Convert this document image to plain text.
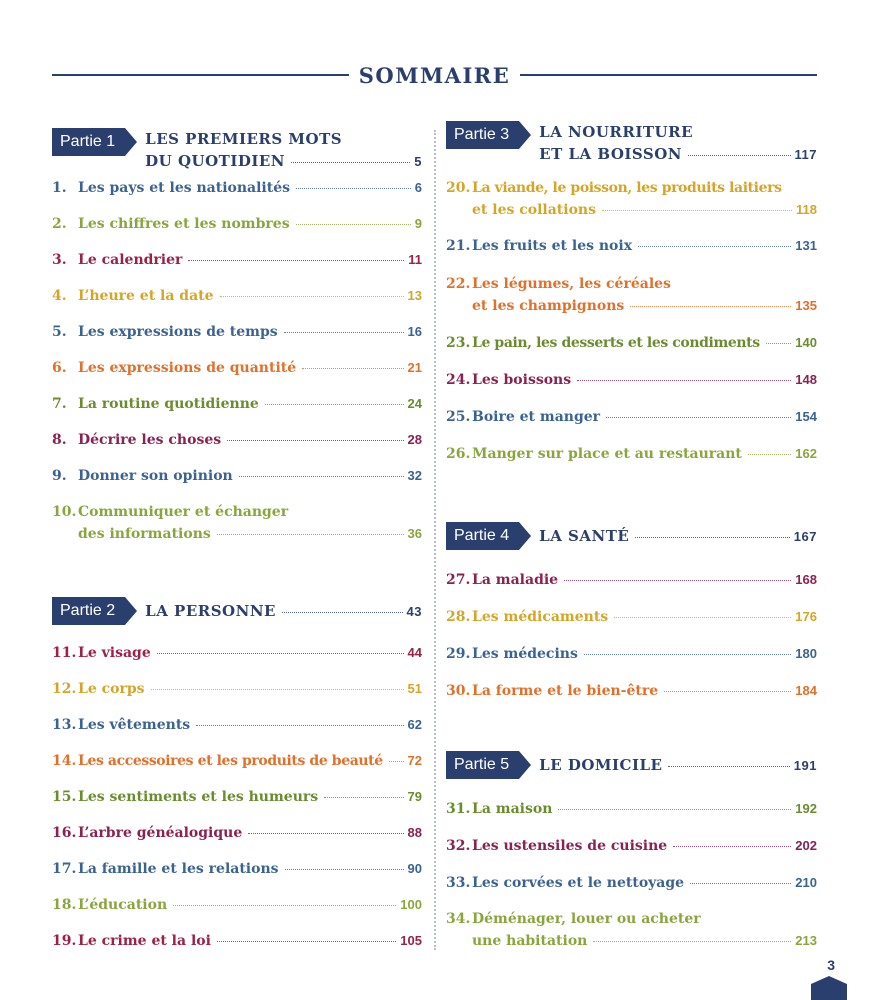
SOMMAIRE
Partie 1	LES PREMIERS MOTS
DU QUOTIDIEN	5
1. Les pays et les nationalités	6
2. Les chiffres et les nombres	9
3. Le calendrier	11
4. L’heure et la date	13
5. Les expressions de temps	16
6. Les expressions de quantité	21
7. La routine quotidienne	24
8. Décrire les choses	28
9. Donner son opinion	32
10. Communiquer et échanger
des informations	36
Partie 2	LA PERSONNE	43
11. Le visage	44
12. Le corps	51
13. Les vêtements	62
14. Les accessoires et les produits de beauté 72
15. Les sentiments et les humeurs	79
16. L’arbre généalogique	88
17. La famille et les relations	90
18. L’éducation	100
19. Le crime et la loi	105
Partie 3	LA NOURRITURE
ET LA BOISSON	117
20. La viande, le poisson, les produits laitiers
et les collations	118
21. Les fruits et les noix	131
22. Les légumes, les céréales
et les champignons	135
23. Le pain, les desserts et les condiments	140
24. Les boissons	148
25. Boire et manger	154
26. Manger sur place et au restaurant	162
Partie 4	LA SANTÉ	167
27. La maladie	168
28. Les médicaments	176
29. Les médecins	180
30. La forme et le bien-être	184
Partie 5	LE DOMICILE	191
31. La maison	192
32. Les ustensiles de cuisine	202
33. Les corvées et le nettoyage	210
34. Déménager, louer ou acheter
une habitation	213
3
